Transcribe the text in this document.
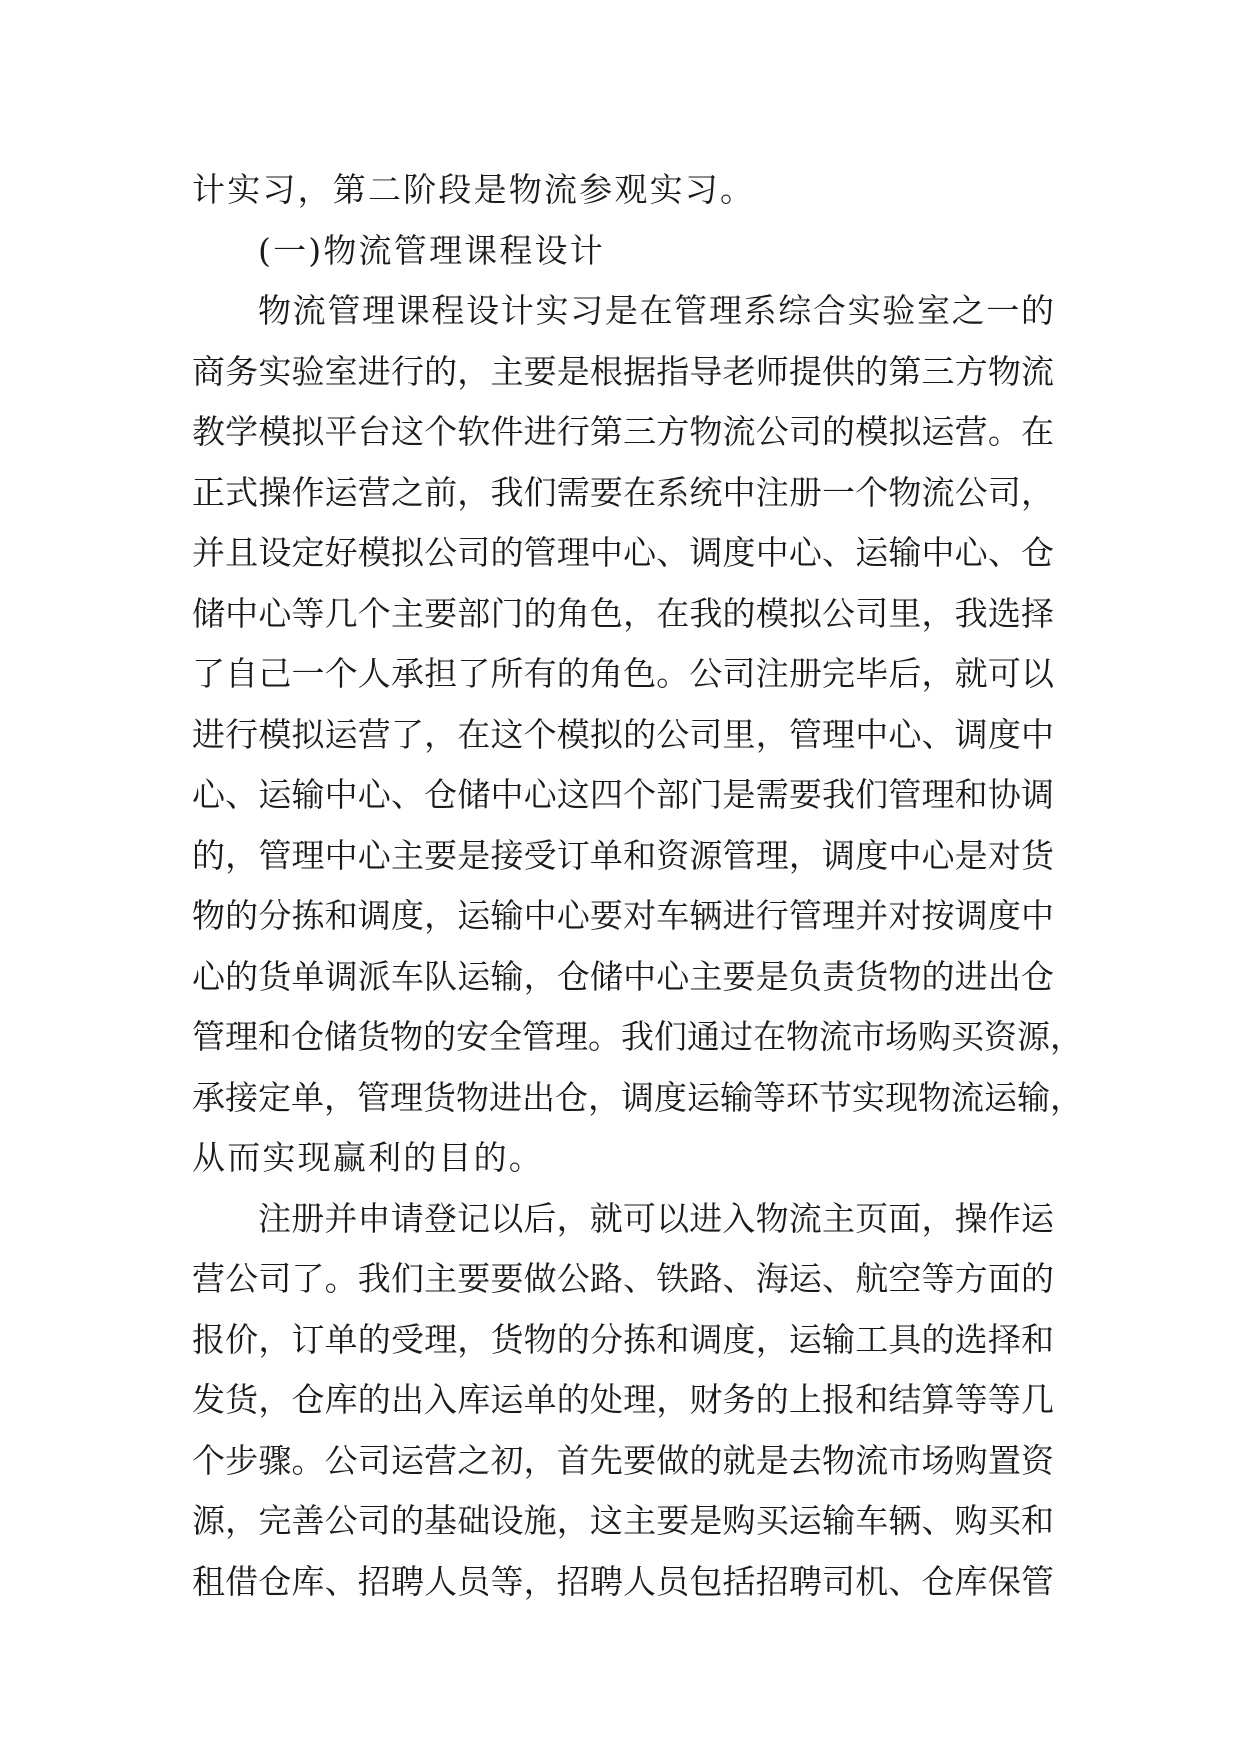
计实习，第二阶段是物流参观实习。
(一)物流管理课程设计
物流管理课程设计实习是在管理系综合实验室之一的
商务实验室进行的，主要是根据指导老师提供的第三方物流
教学模拟平台这个软件进行第三方物流公司的模拟运营。在
正式操作运营之前，我们需要在系统中注册一个物流公司，
并且设定好模拟公司的管理中心、调度中心、运输中心、仓
储中心等几个主要部门的角色，在我的模拟公司里，我选择
了自己一个人承担了所有的角色。公司注册完毕后，就可以
进行模拟运营了，在这个模拟的公司里，管理中心、调度中
心、运输中心、仓储中心这四个部门是需要我们管理和协调
的，管理中心主要是接受订单和资源管理，调度中心是对货
物的分拣和调度，运输中心要对车辆进行管理并对按调度中
心的货单调派车队运输，仓储中心主要是负责货物的进出仓
管理和仓储货物的安全管理。我们通过在物流市场购买资源，
承接定单，管理货物进出仓，调度运输等环节实现物流运输，
从而实现赢利的目的。
注册并申请登记以后，就可以进入物流主页面，操作运
营公司了。我们主要要做公路、铁路、海运、航空等方面的
报价，订单的受理，货物的分拣和调度，运输工具的选择和
发货，仓库的出入库运单的处理，财务的上报和结算等等几
个步骤。公司运营之初，首先要做的就是去物流市场购置资
源，完善公司的基础设施，这主要是购买运输车辆、购买和
租借仓库、招聘人员等，招聘人员包括招聘司机、仓库保管
